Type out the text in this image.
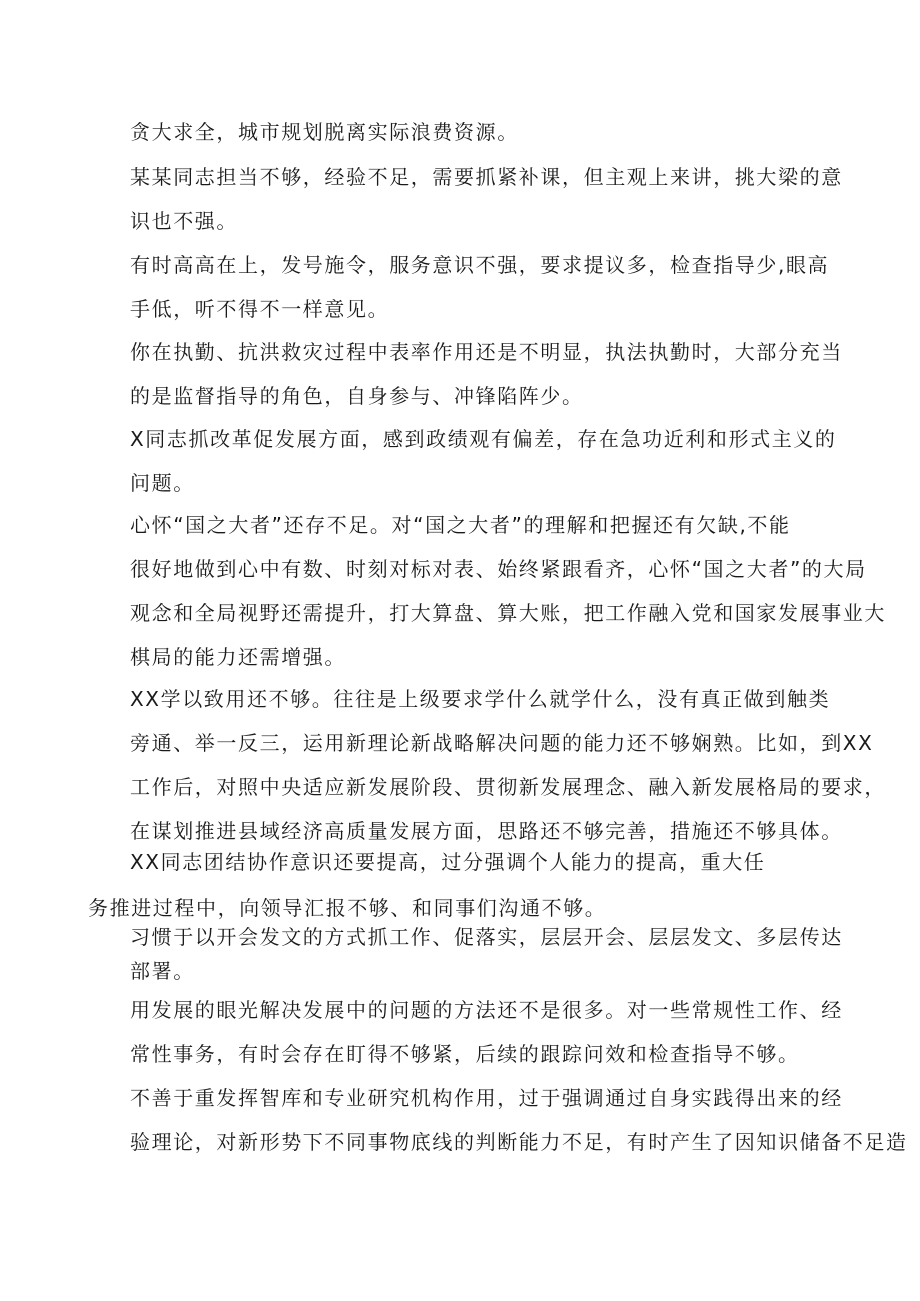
贪大求全，城市规划脱离实际浪费资源。
某某同志担当不够，经验不足，需要抓紧补课，但主观上来讲，挑大梁的意
识也不强。
有时高高在上，发号施令，服务意识不强，要求提议多，检查指导少,眼高
手低，听不得不一样意见。
你在执勤、抗洪救灾过程中表率作用还是不明显，执法执勤时，大部分充当
的是监督指导的角色，自身参与、冲锋陷阵少。
X同志抓改革促发展方面，感到政绩观有偏差，存在急功近利和形式主义的
问题。
心怀“国之大者”还存不足。对“国之大者”的理解和把握还有欠缺,不能
很好地做到心中有数、时刻对标对表、始终紧跟看齐，心怀“国之大者”的大局
观念和全局视野还需提升，打大算盘、算大账，把工作融入党和国家发展事业大
棋局的能力还需增强。
XX学以致用还不够。往往是上级要求学什么就学什么，没有真正做到触类
旁通、举一反三，运用新理论新战略解决问题的能力还不够娴熟。比如，到XX
工作后，对照中央适应新发展阶段、贯彻新发展理念、融入新发展格局的要求，
在谋划推进县域经济高质量发展方面，思路还不够完善，措施还不够具体。
XX同志团结协作意识还要提高，过分强调个人能力的提高，重大任
务推进过程中，向领导汇报不够、和同事们沟通不够。
习惯于以开会发文的方式抓工作、促落实，层层开会、层层发文、多层传达
部署。
用发展的眼光解决发展中的问题的方法还不是很多。对一些常规性工作、经
常性事务，有时会存在盯得不够紧，后续的跟踪问效和检查指导不够。
不善于重发挥智库和专业研究机构作用，过于强调通过自身实践得出来的经
验理论，对新形势下不同事物底线的判断能力不足，有时产生了因知识储备不足造
